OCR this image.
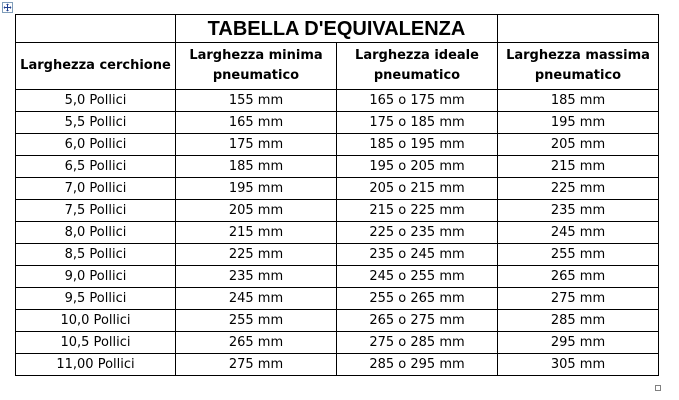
	TABELLA D'EQUIVALENZA		
Larghezza cerchione	Larghezza minima pneumatico	Larghezza ideale pneumatico	Larghezza massima pneumatico
5,0 Pollici	155 mm	165 o 175 mm	185 mm
5,5 Pollici	165 mm	175 o 185 mm	195 mm
6,0 Pollici	175 mm	185 o 195 mm	205 mm
6,5 Pollici	185 mm	195 o 205 mm	215 mm
7,0 Pollici	195 mm	205 o 215 mm	225 mm
7,5 Pollici	205 mm	215 o 225 mm	235 mm
8,0 Pollici	215 mm	225 o 235 mm	245 mm
8,5 Pollici	225 mm	235 o 245 mm	255 mm
9,0 Pollici	235 mm	245 o 255 mm	265 mm
9,5 Pollici	245 mm	255 o 265 mm	275 mm
10,0 Pollici	255 mm	265 o 275 mm	285 mm
10,5 Pollici	265 mm	275 o 285 mm	295 mm
11,00 Pollici	275 mm	285 o 295 mm	305 mm
